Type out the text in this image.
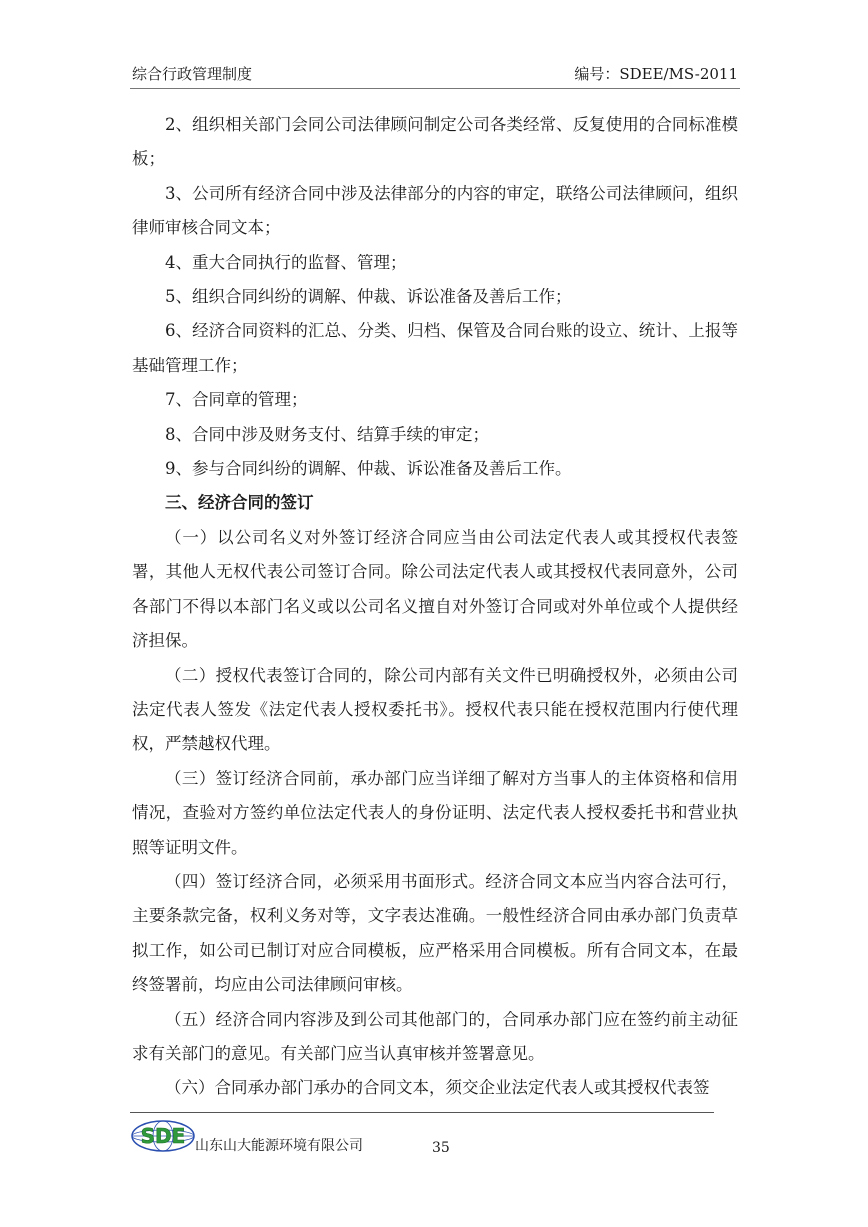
综合行政管理制度	编号：SDEE/MS-2011

2、组织相关部门会同公司法律顾问制定公司各类经常、反复使用的合同标准模板；

3、公司所有经济合同中涉及法律部分的内容的审定，联络公司法律顾问，组织律师审核合同文本；

4、重大合同执行的监督、管理；

5、组织合同纠纷的调解、仲裁、诉讼准备及善后工作；

6、经济合同资料的汇总、分类、归档、保管及合同台账的设立、统计、上报等基础管理工作；

7、合同章的管理；

8、合同中涉及财务支付、结算手续的审定；

9、参与合同纠纷的调解、仲裁、诉讼准备及善后工作。

三、经济合同的签订

（一）以公司名义对外签订经济合同应当由公司法定代表人或其授权代表签署，其他人无权代表公司签订合同。除公司法定代表人或其授权代表同意外，公司各部门不得以本部门名义或以公司名义擅自对外签订合同或对外单位或个人提供经济担保。

（二）授权代表签订合同的，除公司内部有关文件已明确授权外，必须由公司法定代表人签发《法定代表人授权委托书》。授权代表只能在授权范围内行使代理权，严禁越权代理。

（三）签订经济合同前，承办部门应当详细了解对方当事人的主体资格和信用情况，查验对方签约单位法定代表人的身份证明、法定代表人授权委托书和营业执照等证明文件。

（四）签订经济合同，必须采用书面形式。经济合同文本应当内容合法可行，主要条款完备，权利义务对等，文字表达准确。一般性经济合同由承办部门负责草拟工作，如公司已制订对应合同模板，应严格采用合同模板。所有合同文本，在最终签署前，均应由公司法律顾问审核。

（五）经济合同内容涉及到公司其他部门的，合同承办部门应在签约前主动征求有关部门的意见。有关部门应当认真审核并签署意见。

（六）合同承办部门承办的合同文本，须交企业法定代表人或其授权代表签

SDE 山东山大能源环境有限公司	35
